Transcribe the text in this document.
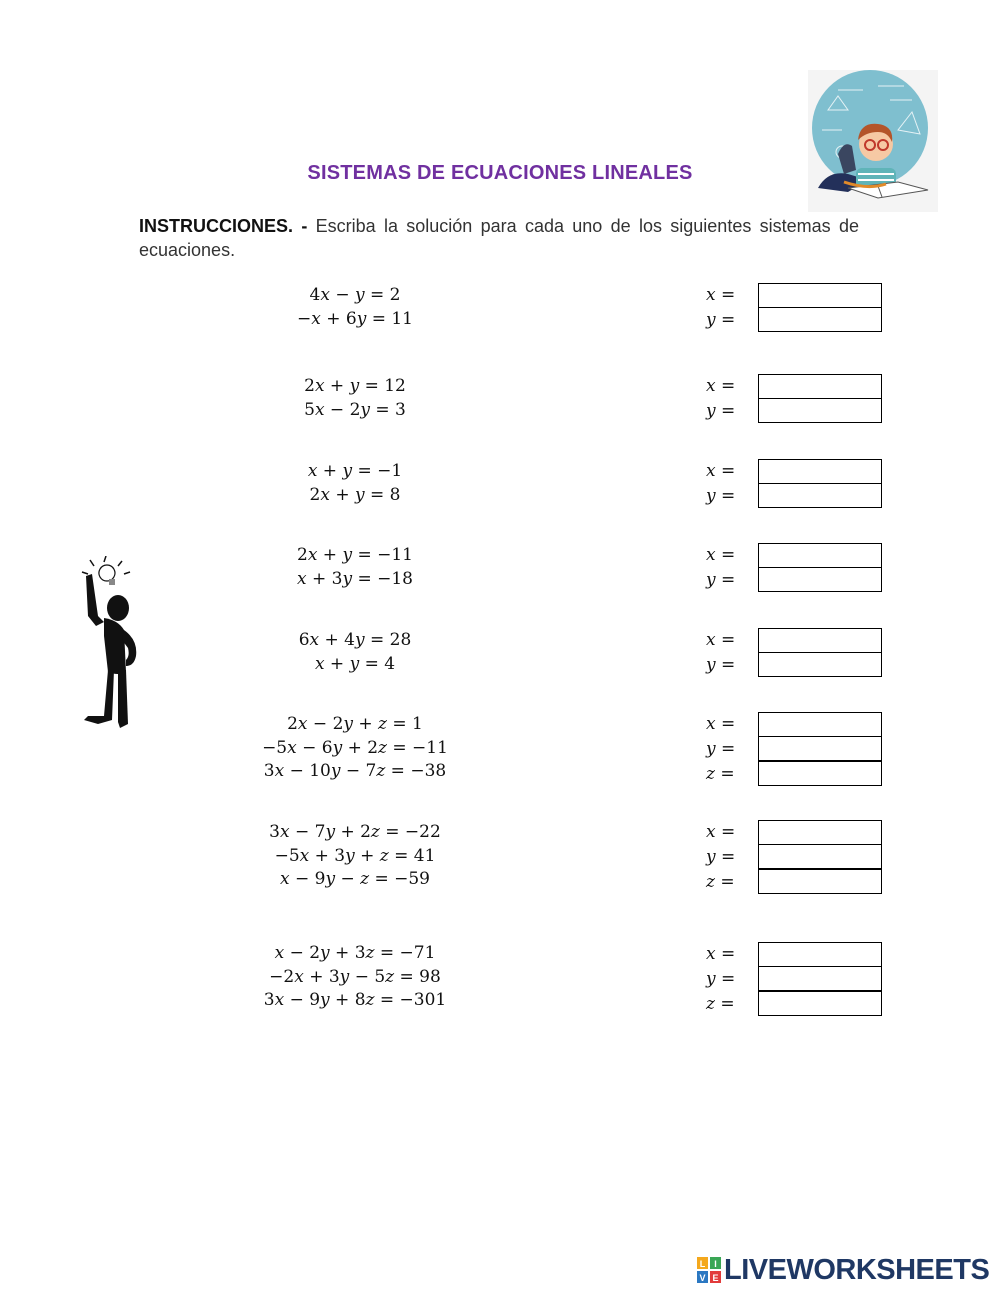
SISTEMAS DE ECUACIONES LINEALES
INSTRUCCIONES. - Escriba la solución para cada uno de los siguientes sistemas de ecuaciones.
4𝑥 − 𝑦 = 2
−𝑥 + 6𝑦 = 11
𝑥 =
𝑦 =
2𝑥 + 𝑦 = 12
5𝑥 − 2𝑦 = 3
𝑥 =
𝑦 =
𝑥 + 𝑦 = −1
2𝑥 + 𝑦 = 8
𝑥 =
𝑦 =
2𝑥 + 𝑦 = −11
𝑥 + 3𝑦 = −18
𝑥 =
𝑦 =
6𝑥 + 4𝑦 = 28
𝑥 + 𝑦 = 4
𝑥 =
𝑦 =
2𝑥 − 2𝑦 + 𝑧 = 1
−5𝑥 − 6𝑦 + 2𝑧 = −11
3𝑥 − 10𝑦 − 7𝑧 = −38
𝑥 =
𝑦 =
𝑧 =
3𝑥 − 7𝑦 + 2𝑧 = −22
−5𝑥 + 3𝑦 + 𝑧 = 41
𝑥 − 9𝑦 − 𝑧 = −59
𝑥 =
𝑦 =
𝑧 =
𝑥 − 2𝑦 + 3𝑧 = −71
−2𝑥 + 3𝑦 − 5𝑧 = 98
3𝑥 − 9𝑦 + 8𝑧 = −301
𝑥 =
𝑦 =
𝑧 =
L I
V E LIVEWORKSHEETS
